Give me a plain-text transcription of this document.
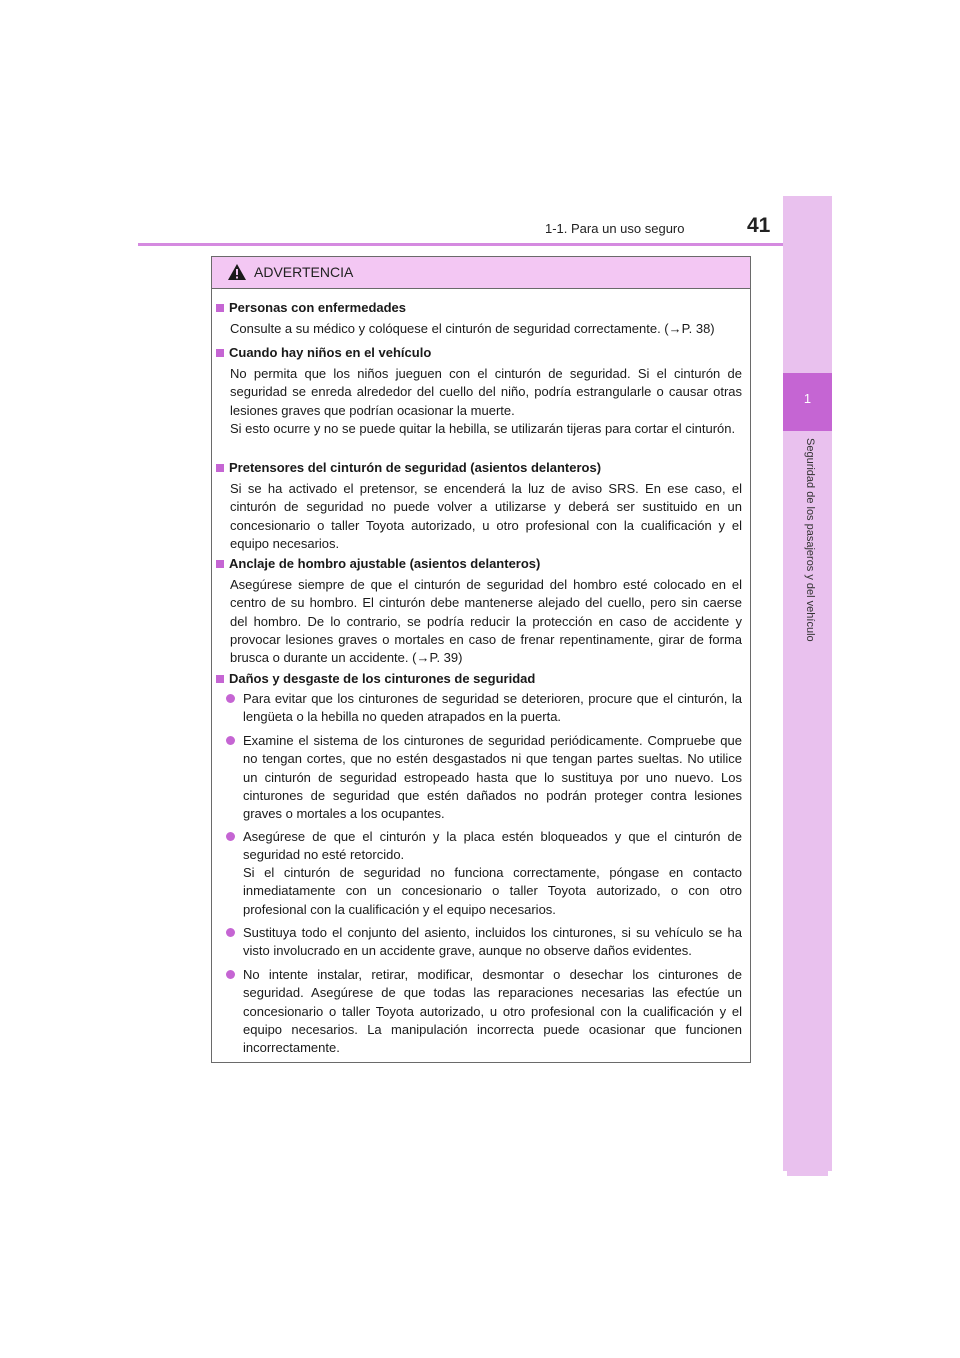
1-1. Para un uso seguro	41
1
Seguridad de los pasajeros y del vehículo
ADVERTENCIA
Personas con enfermedades
Consulte a su médico y colóquese el cinturón de seguridad correctamente. (→P. 38)
Cuando hay niños en el vehículo
No permita que los niños jueguen con el cinturón de seguridad. Si el cinturón de seguridad se enreda alrededor del cuello del niño, podría estrangularle o causar otras lesiones graves que podrían ocasionar la muerte.
Si esto ocurre y no se puede quitar la hebilla, se utilizarán tijeras para cortar el cinturón.
Pretensores del cinturón de seguridad (asientos delanteros)
Si se ha activado el pretensor, se encenderá la luz de aviso SRS. En ese caso, el cinturón de seguridad no puede volver a utilizarse y deberá ser sustituido en un concesionario o taller Toyota autorizado, u otro profesional con la cualificación y el equipo necesarios.
Anclaje de hombro ajustable (asientos delanteros)
Asegúrese siempre de que el cinturón de seguridad del hombro esté colocado en el centro de su hombro. El cinturón debe mantenerse alejado del cuello, pero sin caerse del hombro. De lo contrario, se podría reducir la protección en caso de accidente y provocar lesiones graves o mortales en caso de frenar repentinamente, girar de forma brusca o durante un accidente. (→P. 39)
Daños y desgaste de los cinturones de seguridad
Para evitar que los cinturones de seguridad se deterioren, procure que el cinturón, la lengüeta o la hebilla no queden atrapados en la puerta.
Examine el sistema de los cinturones de seguridad periódicamente. Compruebe que no tengan cortes, que no estén desgastados ni que tengan partes sueltas. No utilice un cinturón de seguridad estropeado hasta que lo sustituya por uno nuevo. Los cinturones de seguridad que estén dañados no podrán proteger contra lesiones graves o mortales a los ocupantes.
Asegúrese de que el cinturón y la placa estén bloqueados y que el cinturón de seguridad no esté retorcido.
Si el cinturón de seguridad no funciona correctamente, póngase en contacto inmediatamente con un concesionario o taller Toyota autorizado, o con otro profesional con la cualificación y el equipo necesarios.
Sustituya todo el conjunto del asiento, incluidos los cinturones, si su vehículo se ha visto involucrado en un accidente grave, aunque no observe daños evidentes.
No intente instalar, retirar, modificar, desmontar o desechar los cinturones de seguridad. Asegúrese de que todas las reparaciones necesarias las efectúe un concesionario o taller Toyota autorizado, u otro profesional con la cualificación y el equipo necesarios. La manipulación incorrecta puede ocasionar que funcionen incorrectamente.
